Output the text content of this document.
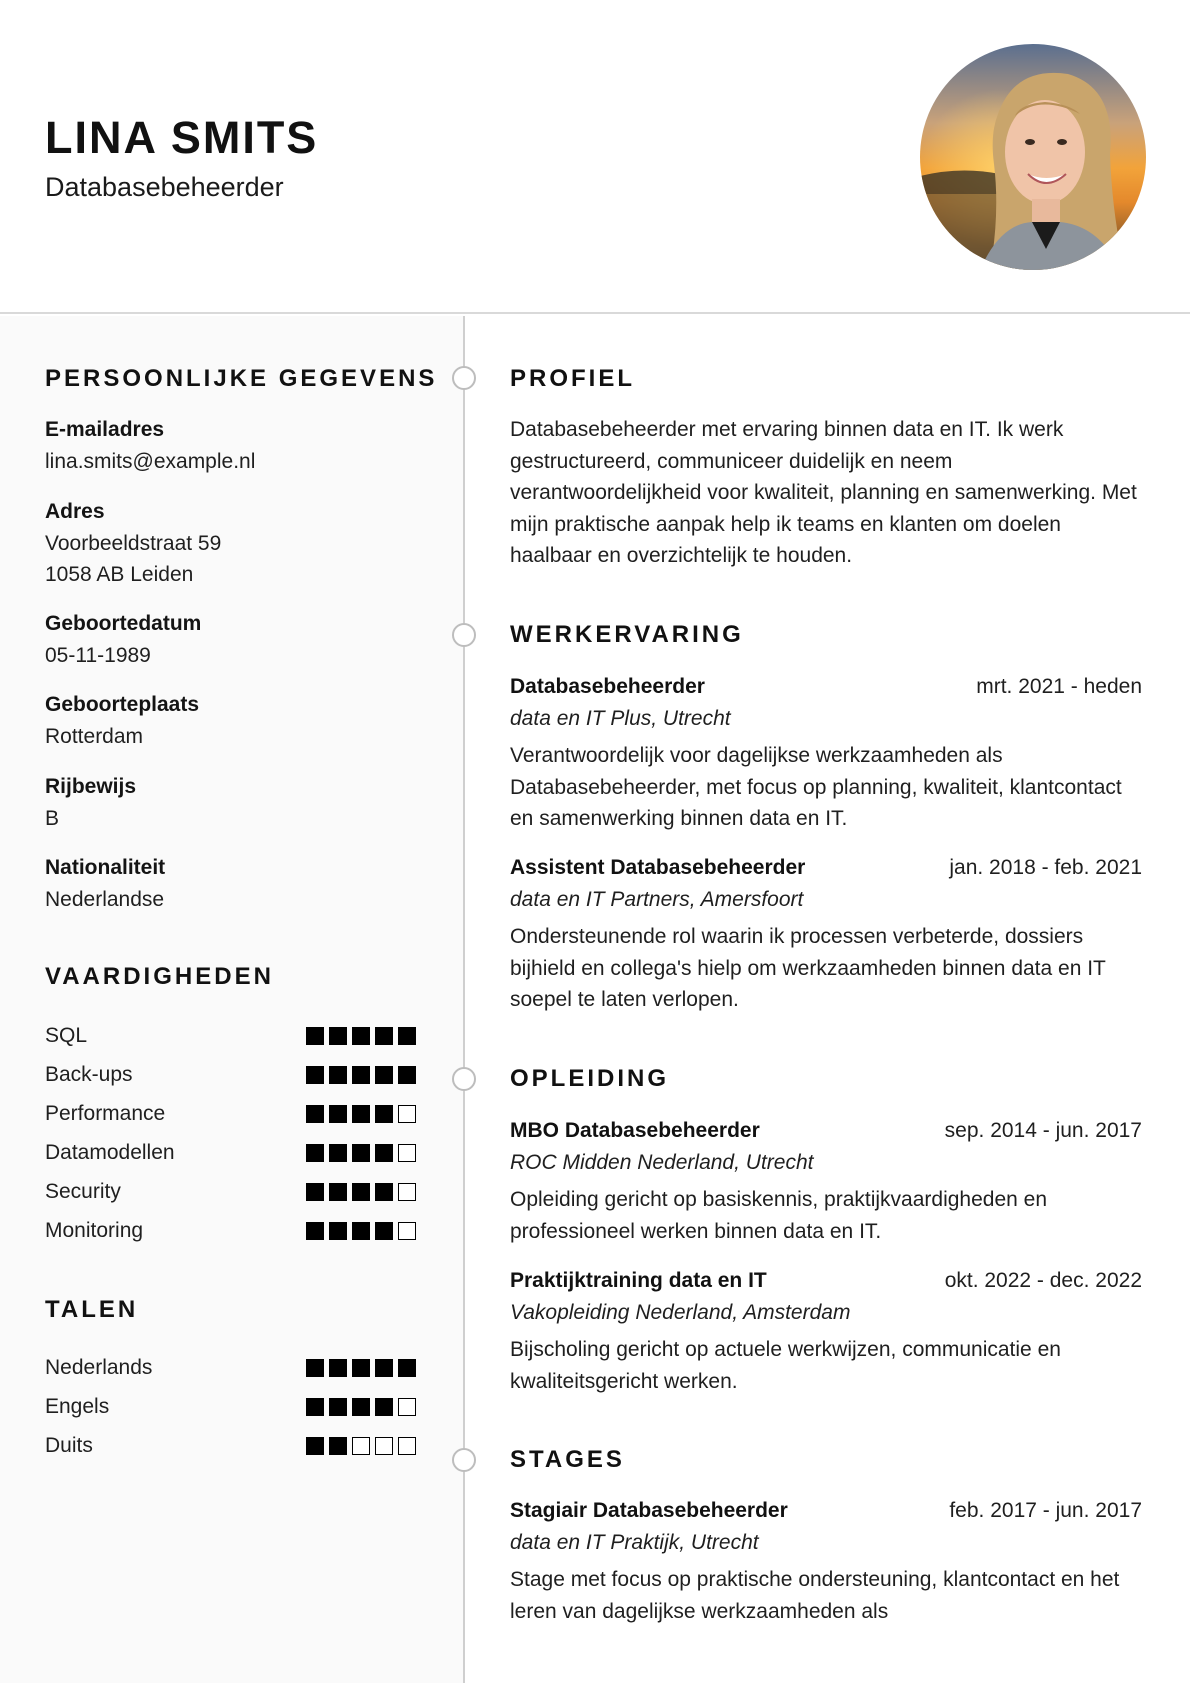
LINA SMITS
Databasebeheerder
PERSOONLIJKE GEGEVENS
E-mailadres
lina.smits@example.nl
Adres
Voorbeeldstraat 59
1058 AB Leiden
Geboortedatum
05-11-1989
Geboorteplaats
Rotterdam
Rijbewijs
B
Nationaliteit
Nederlandse
VAARDIGHEDEN
SQL
Back-ups
Performance
Datamodellen
Security
Monitoring
TALEN
Nederlands
Engels
Duits
PROFIEL
Databasebeheerder met ervaring binnen data en IT. Ik werk gestructureerd, communiceer duidelijk en neem verantwoordelijkheid voor kwaliteit, planning en samenwerking. Met mijn praktische aanpak help ik teams en klanten om doelen haalbaar en overzichtelijk te houden.
WERKERVARING
Databasebeheerder	mrt. 2021 - heden
data en IT Plus, Utrecht
Verantwoordelijk voor dagelijkse werkzaamheden als Databasebeheerder, met focus op planning, kwaliteit, klantcontact en samenwerking binnen data en IT.
Assistent Databasebeheerder	jan. 2018 - feb. 2021
data en IT Partners, Amersfoort
Ondersteunende rol waarin ik processen verbeterde, dossiers bijhield en collega's hielp om werkzaamheden binnen data en IT soepel te laten verlopen.
OPLEIDING
MBO Databasebeheerder	sep. 2014 - jun. 2017
ROC Midden Nederland, Utrecht
Opleiding gericht op basiskennis, praktijkvaardigheden en professioneel werken binnen data en IT.
Praktijktraining data en IT	okt. 2022 - dec. 2022
Vakopleiding Nederland, Amsterdam
Bijscholing gericht op actuele werkwijzen, communicatie en kwaliteitsgericht werken.
STAGES
Stagiair Databasebeheerder	feb. 2017 - jun. 2017
data en IT Praktijk, Utrecht
Stage met focus op praktische ondersteuning, klantcontact en het leren van dagelijkse werkzaamheden als
